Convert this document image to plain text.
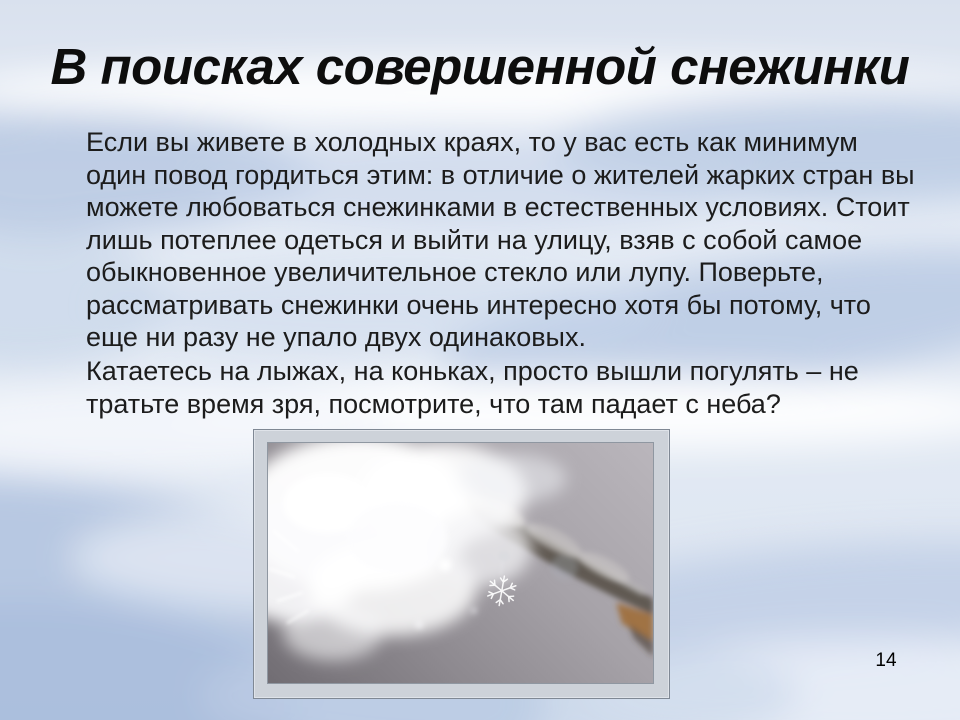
В поисках совершенной снежинки
Если вы живете в холодных краях, то у вас есть как минимум
один повод гордиться этим: в отличие о жителей жарких стран вы
можете любоваться снежинками в естественных условиях. Стоит
лишь потеплее одеться и выйти на улицу, взяв с собой самое
обыкновенное увеличительное стекло или лупу. Поверьте,
рассматривать снежинки очень интересно хотя бы потому, что
еще ни разу не упало двух одинаковых.
Катаетесь на лыжах, на коньках, просто вышли погулять – не
тратьте время зря, посмотрите, что там падает с неба?
14
